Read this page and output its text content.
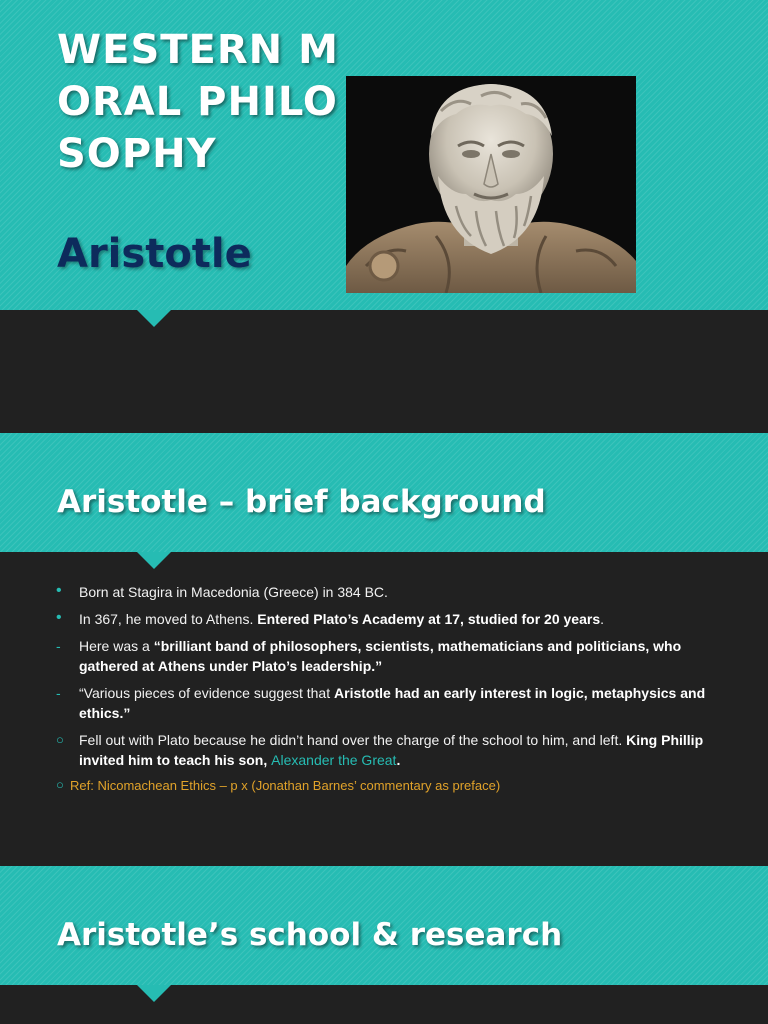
WESTERN MORAL PHILOSOPHY
Aristotle
Aristotle – brief background
• Born at Stagira in Macedonia (Greece) in 384 BC.
• In 367, he moved to Athens. Entered Plato’s Academy at 17, studied for 20 years.
- Here was a “brilliant band of philosophers, scientists, mathematicians and politicians, who gathered at Athens under Plato’s leadership.”
- “Various pieces of evidence suggest that Aristotle had an early interest in logic, metaphysics and ethics.”
○ Fell out with Plato because he didn’t hand over the charge of the school to him, and left. King Phillip invited him to teach his son, Alexander the Great.
○ Ref: Nicomachean Ethics – p x (Jonathan Barnes’ commentary as preface)
Aristotle’s school & research
